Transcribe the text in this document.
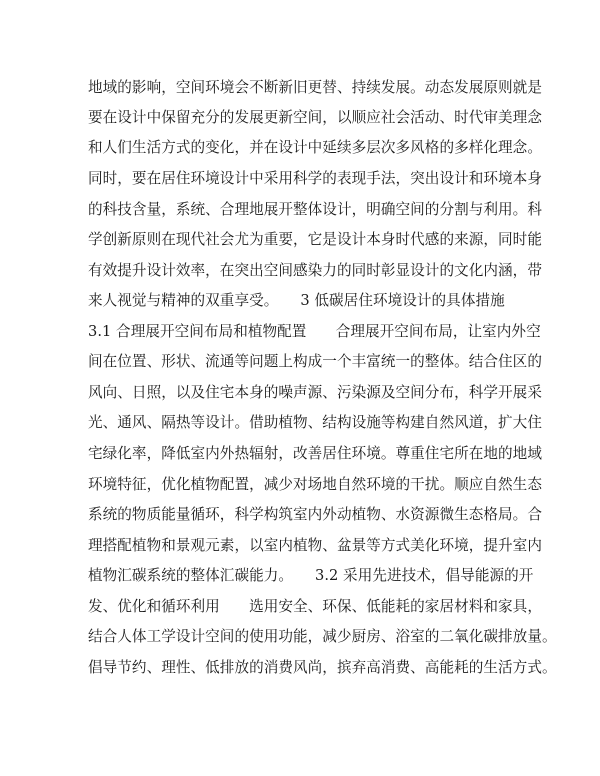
地域的影响，空间环境会不断新旧更替、持续发展。动态发展原则就是
要在设计中保留充分的发展更新空间，以顺应社会活动、时代审美理念
和人们生活方式的变化，并在设计中延续多层次多风格的多样化理念。
同时，要在居住环境设计中采用科学的表现手法，突出设计和环境本身
的科技含量，系统、合理地展开整体设计，明确空间的分割与利用。科
学创新原则在现代社会尤为重要，它是设计本身时代感的来源，同时能
有效提升设计效率，在突出空间感染力的同时彰显设计的文化内涵，带
来人视觉与精神的双重享受。　　3 低碳居住环境设计的具体措施
3.1 合理展开空间布局和植物配置　　合理展开空间布局，让室内外空
间在位置、形状、流通等问题上构成一个丰富统一的整体。结合住区的
风向、日照，以及住宅本身的噪声源、污染源及空间分布，科学开展采
光、通风、隔热等设计。借助植物、结构设施等构建自然风道，扩大住
宅绿化率，降低室内外热辐射，改善居住环境。尊重住宅所在地的地域
环境特征，优化植物配置，减少对场地自然环境的干扰。顺应自然生态
系统的物质能量循环，科学构筑室内外动植物、水资源微生态格局。合
理搭配植物和景观元素，以室内植物、盆景等方式美化环境，提升室内
植物汇碳系统的整体汇碳能力。　　3.2 采用先进技术，倡导能源的开
发、优化和循环利用　　选用安全、环保、低能耗的家居材料和家具，
结合人体工学设计空间的使用功能，减少厨房、浴室的二氧化碳排放量。
倡导节约、理性、低排放的消费风尚，摈弃高消费、高能耗的生活方式。
